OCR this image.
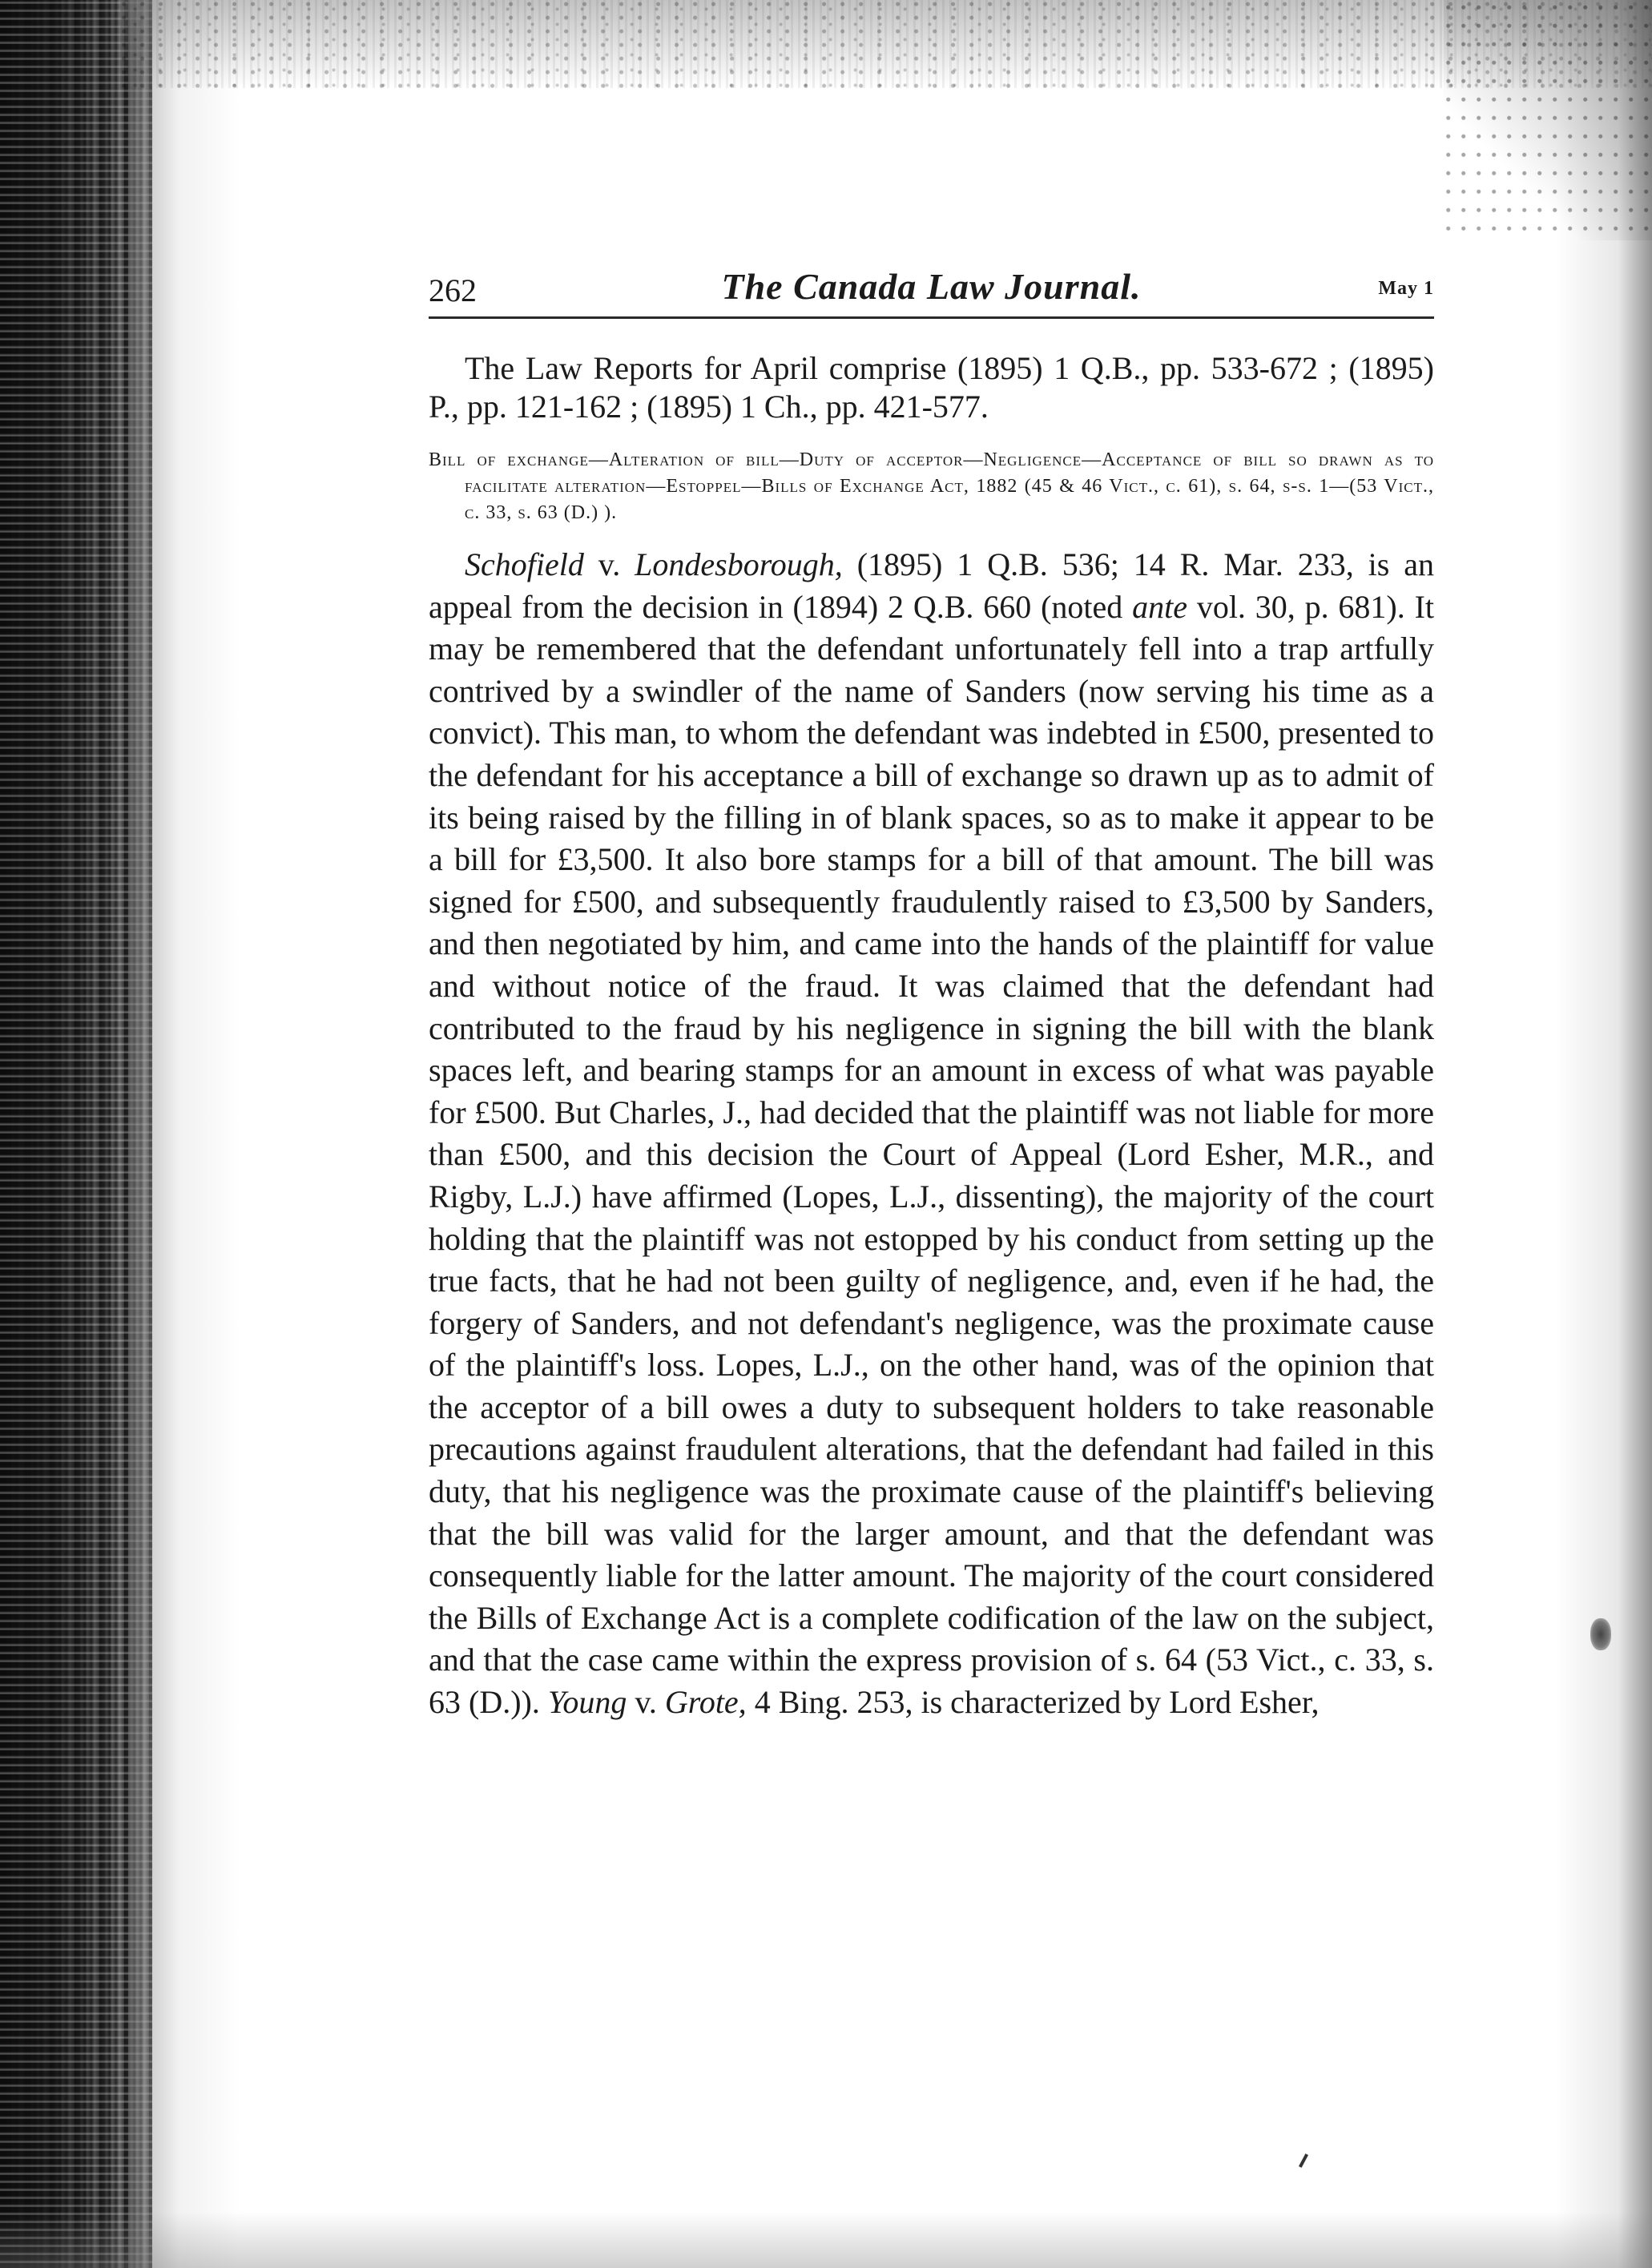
262	The Canada Law Journal.	May 1

The Law Reports for April comprise (1895) 1 Q.B., pp. 533-672 ; (1895) P., pp. 121-162 ; (1895) 1 Ch., pp. 421-577.

Bill of exchange—Alteration of bill—Duty of acceptor—Negligence—Acceptance of bill so drawn as to facilitate alteration—Estoppel—Bills of Exchange Act, 1882 (45 & 46 Vict., c. 61), s. 64, s-s. 1—(53 Vict., c. 33, s. 63 (D.) ).

Schofield v. Londesborough, (1895) 1 Q.B. 536; 14 R. Mar. 233, is an appeal from the decision in (1894) 2 Q.B. 660 (noted ante vol. 30, p. 681). It may be remembered that the defendant unfortunately fell into a trap artfully contrived by a swindler of the name of Sanders (now serving his time as a convict). This man, to whom the defendant was indebted in £500, presented to the defendant for his acceptance a bill of exchange so drawn up as to admit of its being raised by the filling in of blank spaces, so as to make it appear to be a bill for £3,500. It also bore stamps for a bill of that amount. The bill was signed for £500, and subsequently fraudulently raised to £3,500 by Sanders, and then negotiated by him, and came into the hands of the plaintiff for value and without notice of the fraud. It was claimed that the defendant had contributed to the fraud by his negligence in signing the bill with the blank spaces left, and bearing stamps for an amount in excess of what was payable for £500. But Charles, J., had decided that the plaintiff was not liable for more than £500, and this decision the Court of Appeal (Lord Esher, M.R., and Rigby, L.J.) have affirmed (Lopes, L.J., dissenting), the majority of the court holding that the plaintiff was not estopped by his conduct from setting up the true facts, that he had not been guilty of negligence, and, even if he had, the forgery of Sanders, and not defendant's negligence, was the proximate cause of the plaintiff's loss. Lopes, L.J., on the other hand, was of the opinion that the acceptor of a bill owes a duty to subsequent holders to take reasonable precautions against fraudulent alterations, that the defendant had failed in this duty, that his negligence was the proximate cause of the plaintiff's believing that the bill was valid for the larger amount, and that the defendant was consequently liable for the latter amount. The majority of the court considered the Bills of Exchange Act is a complete codification of the law on the subject, and that the case came within the express provision of s. 64 (53 Vict., c. 33, s. 63 (D.)). Young v. Grote, 4 Bing. 253, is characterized by Lord Esher,
